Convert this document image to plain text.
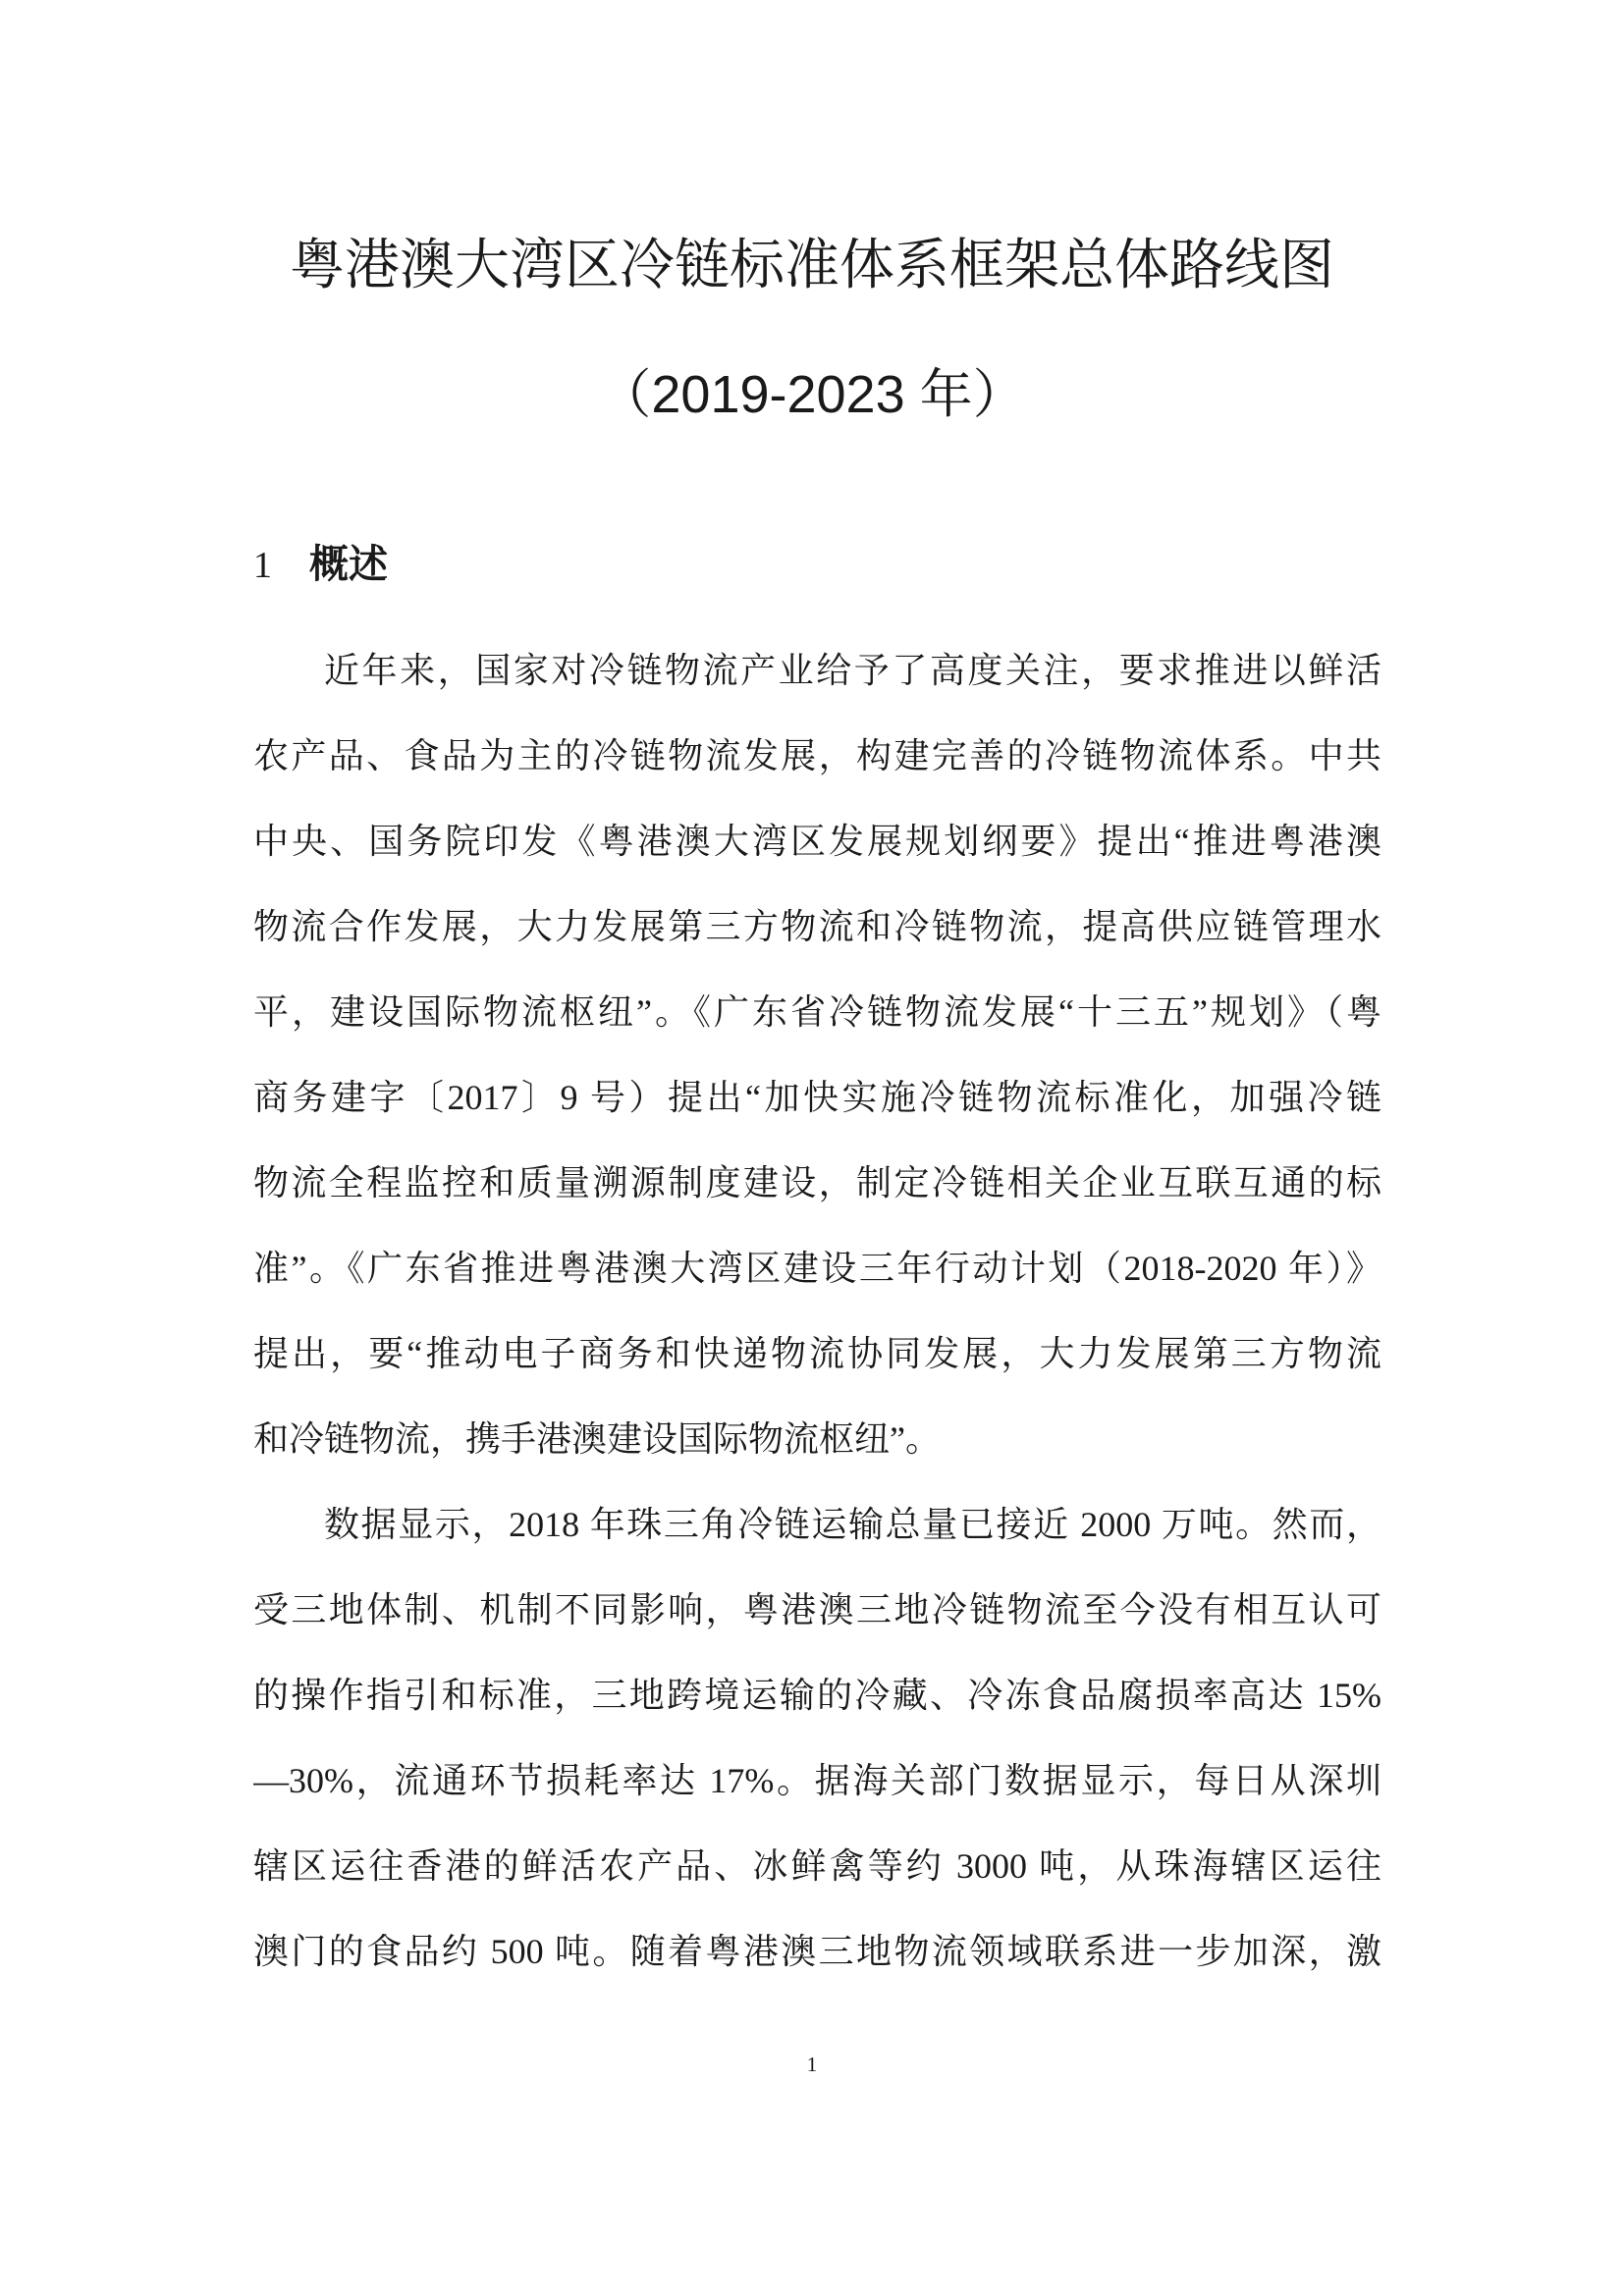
粤港澳大湾区冷链标准体系框架总体路线图
（2019-2023 年）
1 概述
近年来，国家对冷链物流产业给予了高度关注，要求推进以鲜活
农产品、食品为主的冷链物流发展，构建完善的冷链物流体系。中共
中央、国务院印发《粤港澳大湾区发展规划纲要》提出“推进粤港澳
物流合作发展，大力发展第三方物流和冷链物流，提高供应链管理水
平，建设国际物流枢纽”。《广东省冷链物流发展“十三五”规划》（粤
商务建字〔2017〕9 号）提出“加快实施冷链物流标准化，加强冷链
物流全程监控和质量溯源制度建设，制定冷链相关企业互联互通的标
准”。《广东省推进粤港澳大湾区建设三年行动计划（2018-2020 年）》
提出，要“推动电子商务和快递物流协同发展，大力发展第三方物流
和冷链物流，携手港澳建设国际物流枢纽”。
数据显示，2018 年珠三角冷链运输总量已接近 2000 万吨。然而，
受三地体制、机制不同影响，粤港澳三地冷链物流至今没有相互认可
的操作指引和标准，三地跨境运输的冷藏、冷冻食品腐损率高达 15%
—30%，流通环节损耗率达 17%。据海关部门数据显示，每日从深圳
辖区运往香港的鲜活农产品、冰鲜禽等约 3000 吨，从珠海辖区运往
澳门的食品约 500 吨。随着粤港澳三地物流领域联系进一步加深，激
1
